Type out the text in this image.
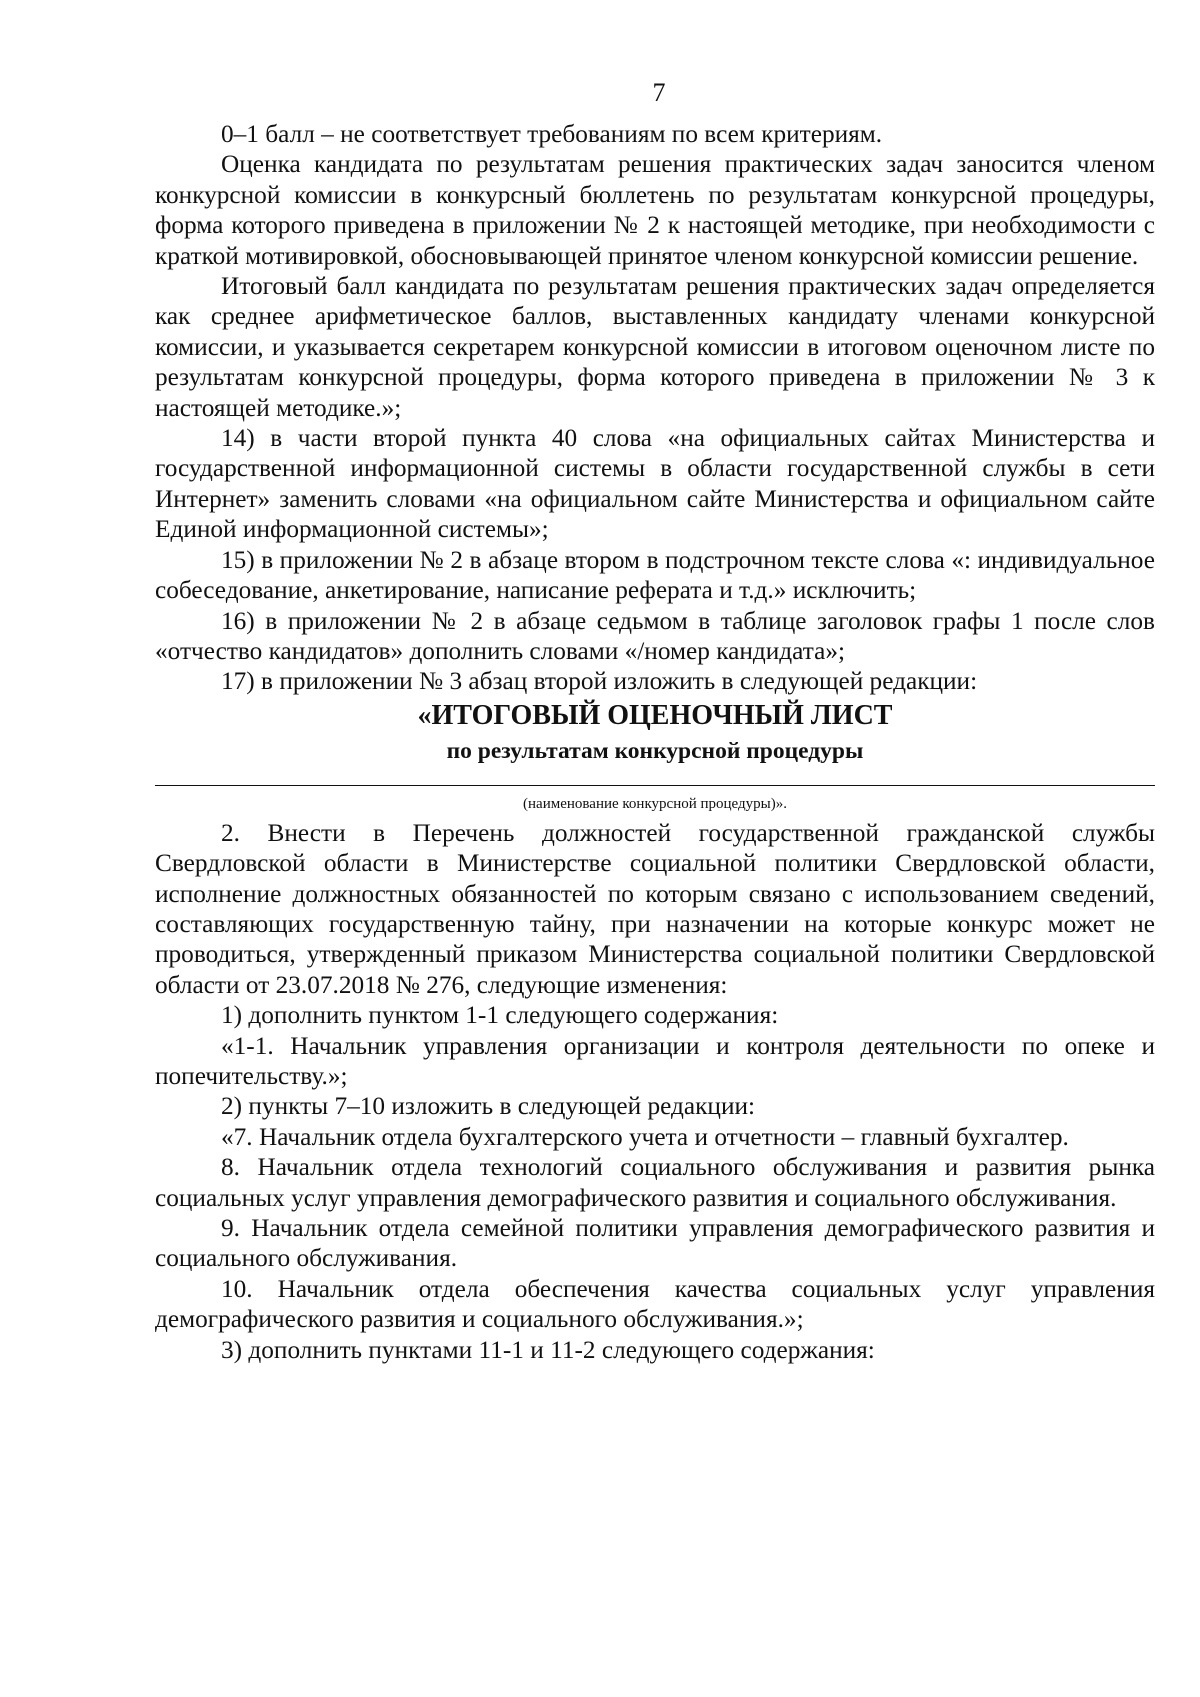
7

0–1 балл – не соответствует требованиям по всем критериям.

Оценка кандидата по результатам решения практических задач заносится членом конкурсной комиссии в конкурсный бюллетень по результатам конкурсной процедуры, форма которого приведена в приложении № 2 к настоящей методике, при необходимости с краткой мотивировкой, обосновывающей принятое членом конкурсной комиссии решение.

Итоговый балл кандидата по результатам решения практических задач определяется как среднее арифметическое баллов, выставленных кандидату членами конкурсной комиссии, и указывается секретарем конкурсной комиссии в итоговом оценочном листе по результатам конкурсной процедуры, форма которого приведена в приложении № 3 к настоящей методике.»;

14) в части второй пункта 40 слова «на официальных сайтах Министерства и государственной информационной системы в области государственной службы в сети Интернет» заменить словами «на официальном сайте Министерства и официальном сайте Единой информационной системы»;

15) в приложении № 2 в абзаце втором в подстрочном тексте слова «: индивидуальное собеседование, анкетирование, написание реферата и т.д.» исключить;

16) в приложении № 2 в абзаце седьмом в таблице заголовок графы 1 после слов «отчество кандидатов» дополнить словами «/номер кандидата»;

17) в приложении № 3 абзац второй изложить в следующей редакции:

«ИТОГОВЫЙ ОЦЕНОЧНЫЙ ЛИСТ
по результатам конкурсной процедуры
(наименование конкурсной процедуры)».

2. Внести в Перечень должностей государственной гражданской службы Свердловской области в Министерстве социальной политики Свердловской области, исполнение должностных обязанностей по которым связано с использованием сведений, составляющих государственную тайну, при назначении на которые конкурс может не проводиться, утвержденный приказом Министерства социальной политики Свердловской области от 23.07.2018 № 276, следующие изменения:

1) дополнить пунктом 1-1 следующего содержания:

«1-1. Начальник управления организации и контроля деятельности по опеке и попечительству.»;

2) пункты 7–10 изложить в следующей редакции:

«7. Начальник отдела бухгалтерского учета и отчетности – главный бухгалтер.

8. Начальник отдела технологий социального обслуживания и развития рынка социальных услуг управления демографического развития и социального обслуживания.

9. Начальник отдела семейной политики управления демографического развития и социального обслуживания.

10. Начальник отдела обеспечения качества социальных услуг управления демографического развития и социального обслуживания.»;

3) дополнить пунктами 11-1 и 11-2 следующего содержания:
